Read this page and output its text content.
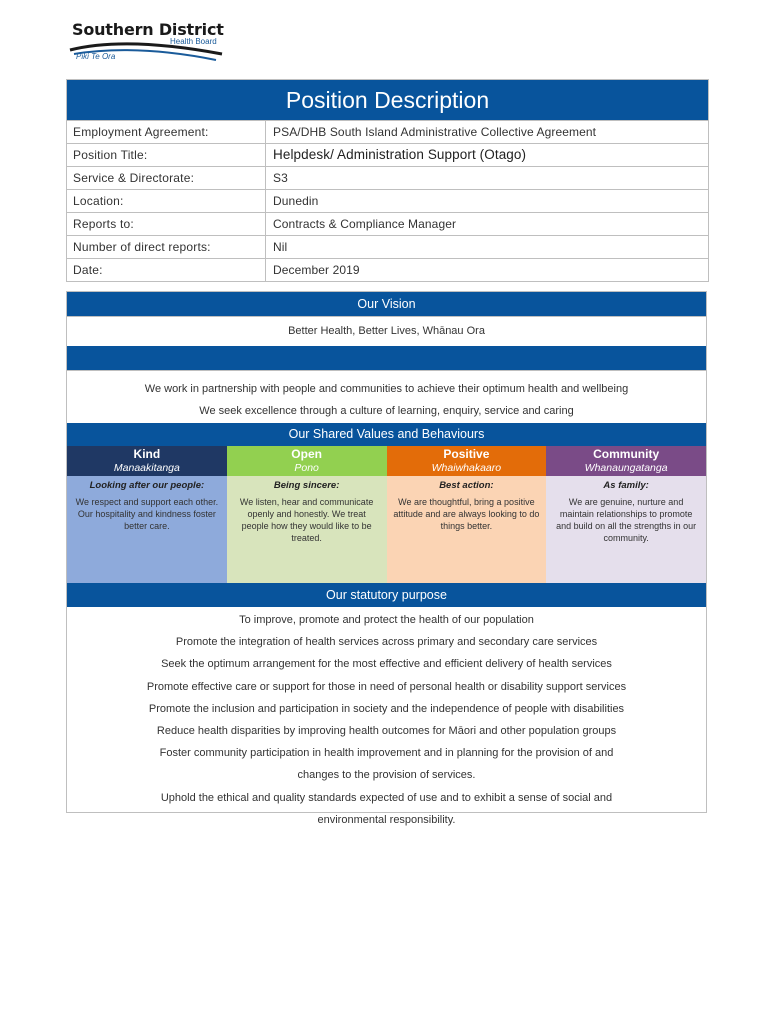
Southern District
Health Board
Pīki Te Ora
Position Description
Employment Agreement:	PSA/DHB South Island Administrative Collective Agreement
Position Title:	Helpdesk/ Administration Support (Otago)
Service & Directorate:	S3
Location:	Dunedin
Reports to:	Contracts & Compliance Manager
Number of direct reports:	Nil
Date:	December 2019
Our Vision
Better Health, Better Lives, Whānau Ora
We work in partnership with people and communities to achieve their optimum health and wellbeing
We seek excellence through a culture of learning, enquiry, service and caring
Our Shared Values and Behaviours
Kind
Manaakitanga
Looking after our people:
We respect and support each other. Our hospitality and kindness foster better care.
Open
Pono
Being sincere:
We listen, hear and communicate openly and honestly. We treat people how they would like to be treated.
Positive
Whaiwhakaaro
Best action:
We are thoughtful, bring a positive attitude and are always looking to do things better.
Community
Whanaungatanga
As family:
We are genuine, nurture and maintain relationships to promote and build on all the strengths in our community.
Our statutory purpose

To improve, promote and protect the health of our population

Promote the integration of health services across primary and secondary care services

Seek the optimum arrangement for the most effective and efficient delivery of health services

Promote effective care or support for those in need of personal health or disability support services

Promote the inclusion and participation in society and the independence of people with disabilities

Reduce health disparities by improving health outcomes for Māori and other population groups

Foster community participation in health improvement and in planning for the provision of and

changes to the provision of services.

Uphold the ethical and quality standards expected of use and to exhibit a sense of social and

environmental responsibility.
